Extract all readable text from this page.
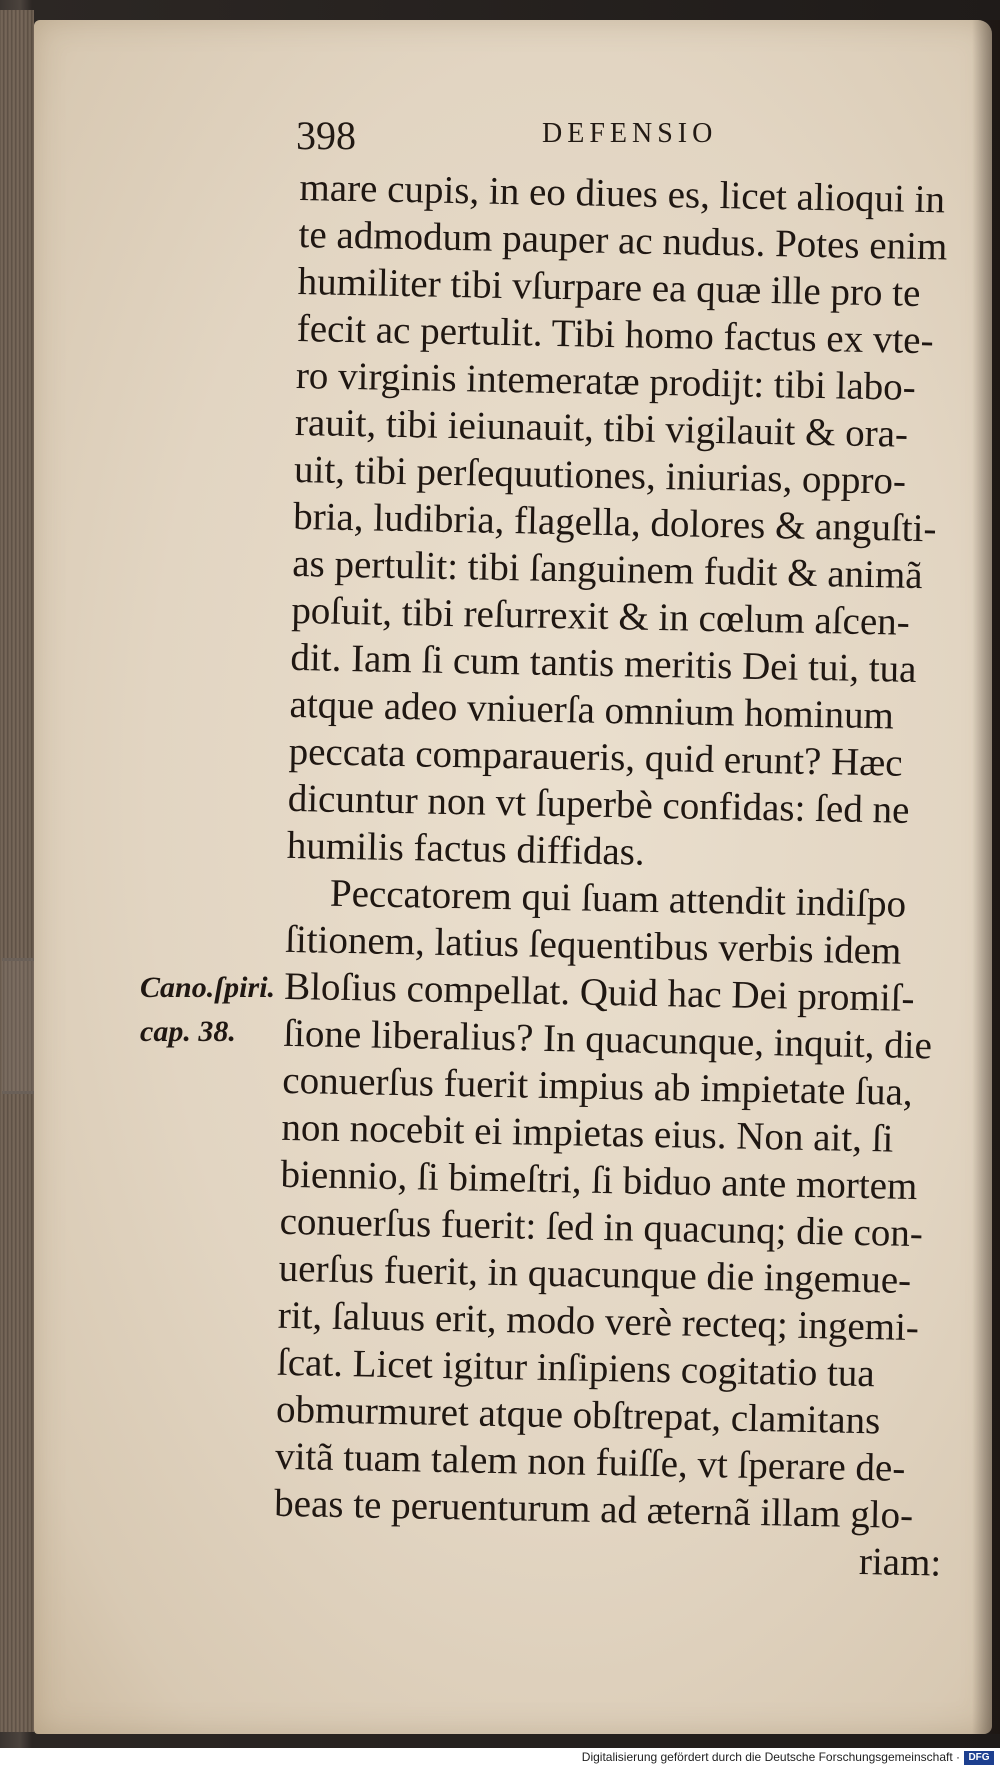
398	DEFENSIO
Cano.ſpiri.
cap. 38.
mare cupis, in eo diues es, licet alioqui in
te admodum pauper ac nudus. Potes enim
humiliter tibi vſurpare ea quæ ille pro te
fecit ac pertulit. Tibi homo factus ex vte-
ro virginis intemeratæ prodijt: tibi labo-
rauit, tibi ieiunauit, tibi vigilauit & ora-
uit, tibi perſequutiones, iniurias, oppro-
bria, ludibria, flagella, dolores & anguſti-
as pertulit: tibi ſanguinem fudit & animã
poſuit, tibi reſurrexit & in cœlum aſcen-
dit. Iam ſi cum tantis meritis Dei tui, tua
atque adeo vniuerſa omnium hominum
peccata comparaueris, quid erunt? Hæc
dicuntur non vt ſuperbè confidas: ſed ne
humilis factus diffidas.
Peccatorem qui ſuam attendit indiſpo
ſitionem, latius ſequentibus verbis idem
Bloſius compellat. Quid hac Dei promiſ-
ſione liberalius? In quacunque, inquit, die
conuerſus fuerit impius ab impietate ſua,
non nocebit ei impietas eius. Non ait, ſi
biennio, ſi bimeſtri, ſi biduo ante mortem
conuerſus fuerit: ſed in quacunq; die con-
uerſus fuerit, in quacunque die ingemue-
rit, ſaluus erit, modo verè recteq; ingemi-
ſcat. Licet igitur inſipiens cogitatio tua
obmurmuret atque obſtrepat, clamitans
vitã tuam talem non fuiſſe, vt ſperare de-
beas te peruenturum ad æternã illam glo-
riam:
Digitalisierung gefördert durch die Deutsche Forschungsgemeinschaft · DFG
